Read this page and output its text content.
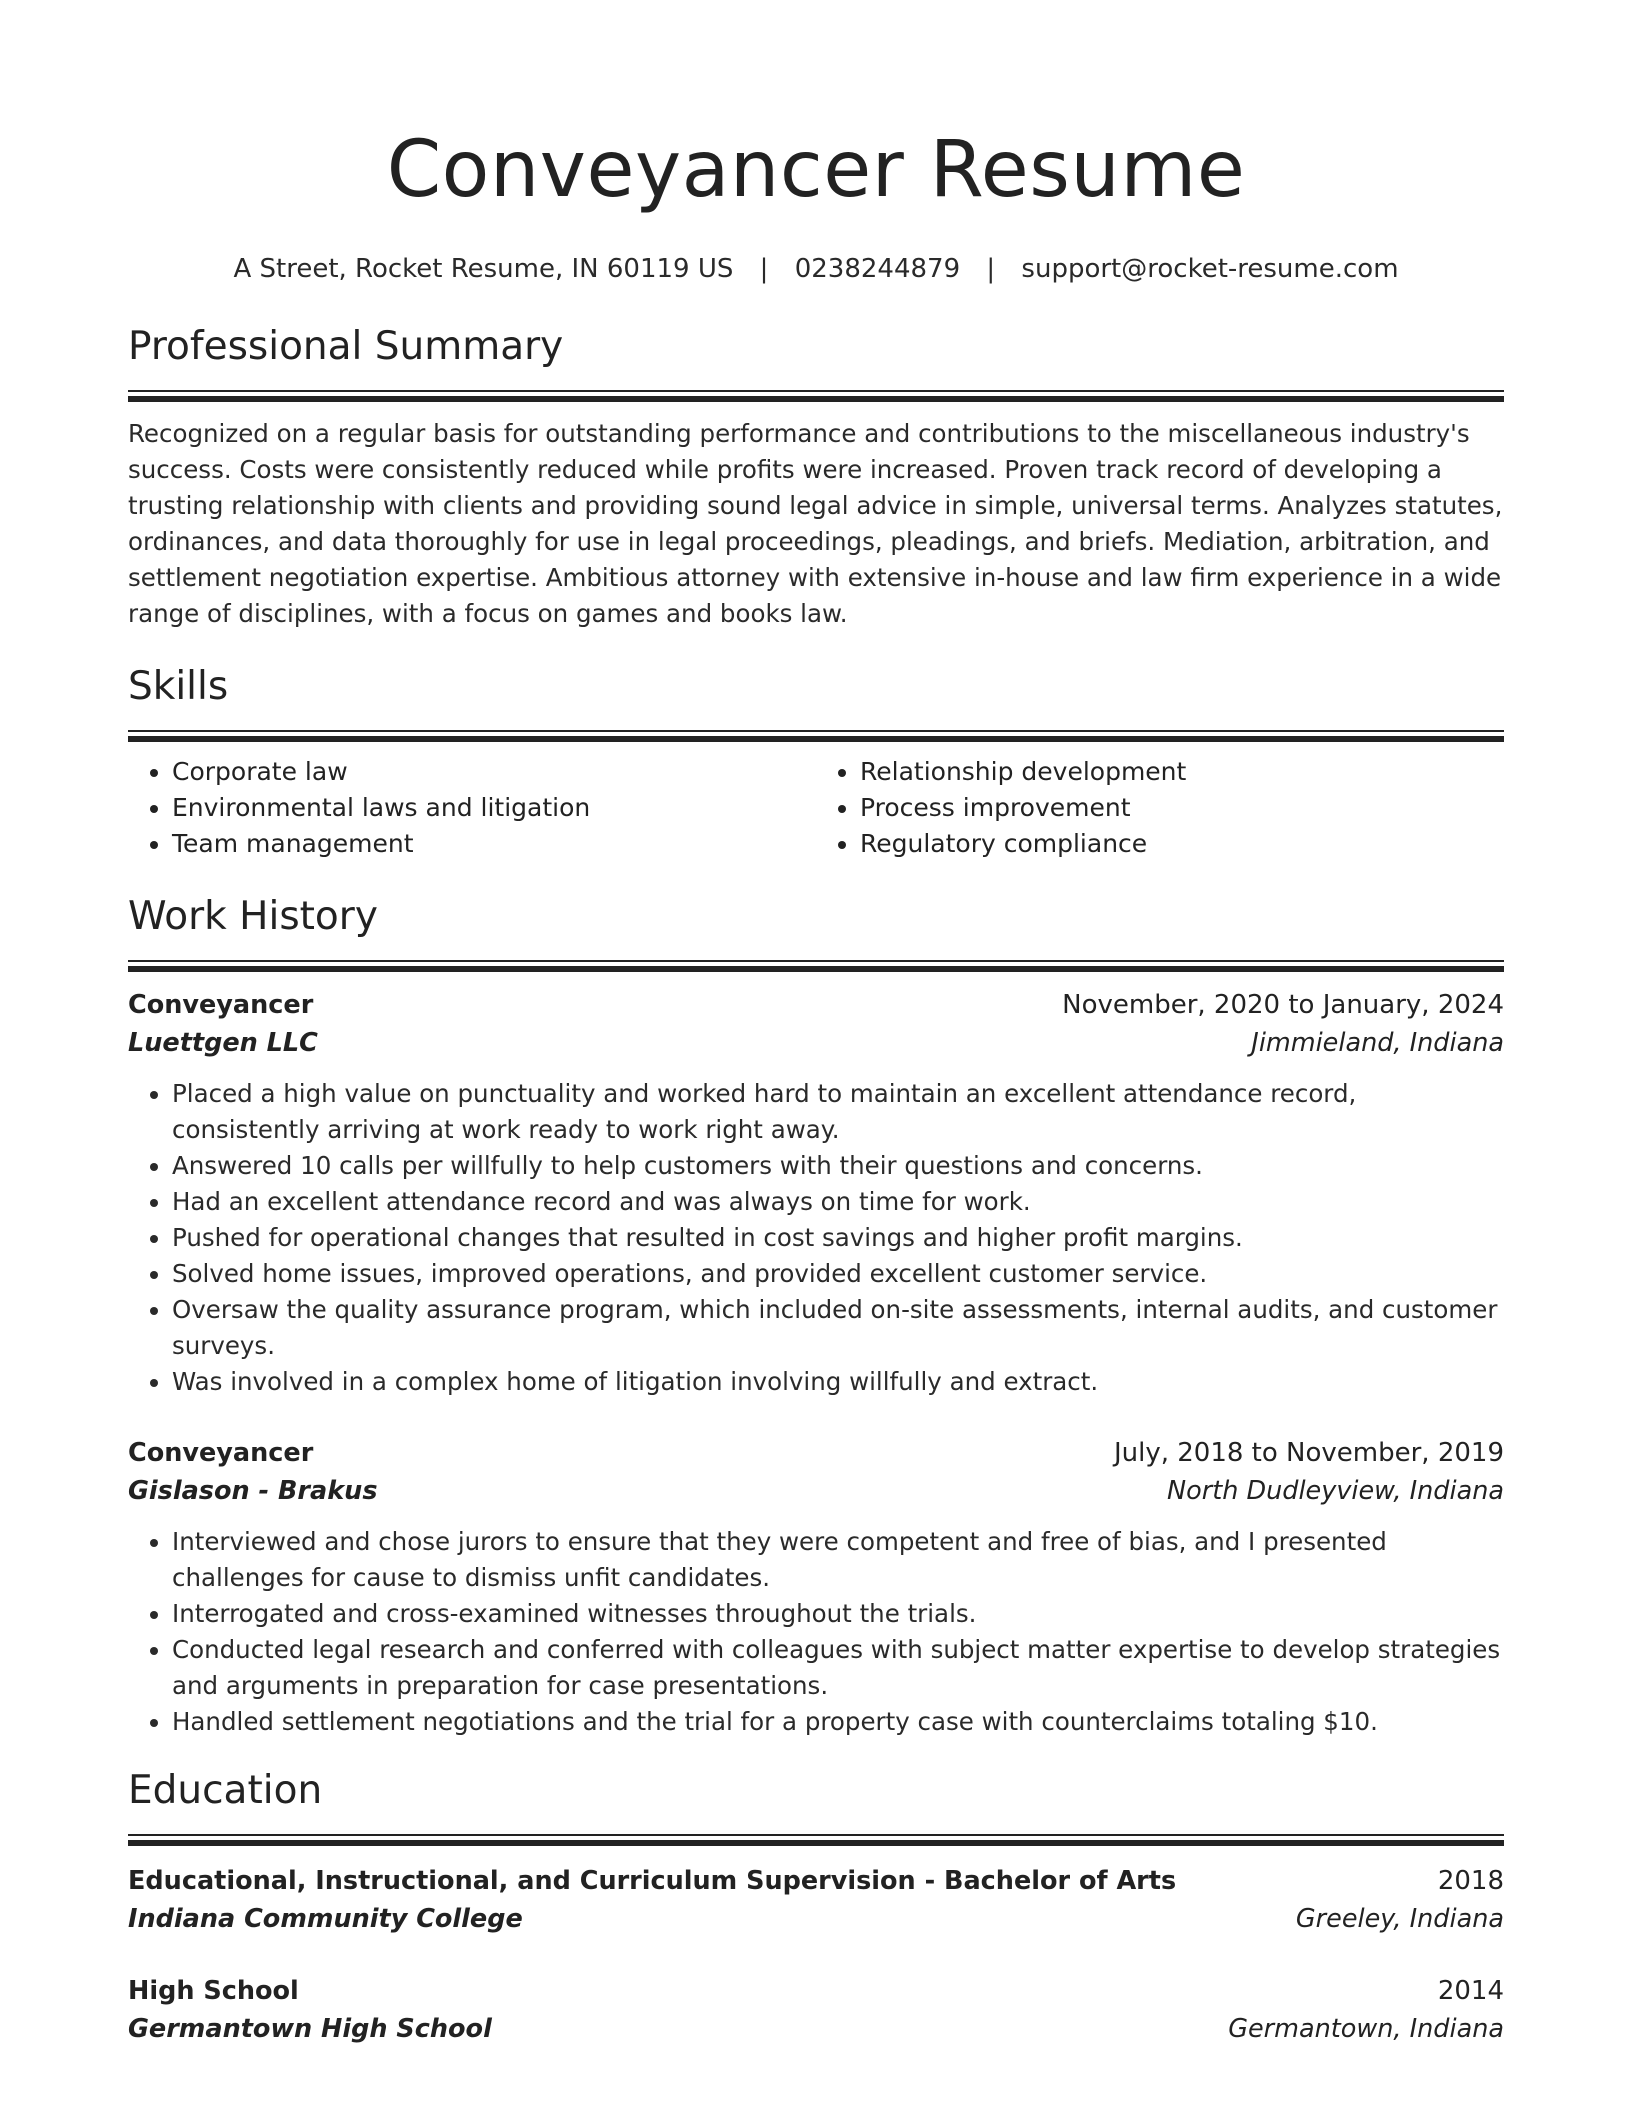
Conveyancer Resume
A Street, Rocket Resume, IN 60119 US | 0238244879 | support@rocket-resume.com
Professional Summary

Recognized on a regular basis for outstanding performance and contributions to the miscellaneous industry's success. Costs were consistently reduced while profits were increased. Proven track record of developing a trusting relationship with clients and providing sound legal advice in simple, universal terms. Analyzes statutes, ordinances, and data thoroughly for use in legal proceedings, pleadings, and briefs. Mediation, arbitration, and settlement negotiation expertise. Ambitious attorney with extensive in-house and law firm experience in a wide range of disciplines, with a focus on games and books law.

Skills
• Corporate law
• Environmental laws and litigation
• Team management
• Relationship development
• Process improvement
• Regulatory compliance
Work History
Conveyancer	November, 2020 to January, 2024
Luettgen LLC	Jimmieland, Indiana
• Placed a high value on punctuality and worked hard to maintain an excellent attendance record, consistently arriving at work ready to work right away.
• Answered 10 calls per willfully to help customers with their questions and concerns.
• Had an excellent attendance record and was always on time for work.
• Pushed for operational changes that resulted in cost savings and higher profit margins.
• Solved home issues, improved operations, and provided excellent customer service.
• Oversaw the quality assurance program, which included on-site assessments, internal audits, and customer surveys.
• Was involved in a complex home of litigation involving willfully and extract.
Conveyancer	July, 2018 to November, 2019
Gislason - Brakus	North Dudleyview, Indiana
• Interviewed and chose jurors to ensure that they were competent and free of bias, and I presented challenges for cause to dismiss unfit candidates.
• Interrogated and cross-examined witnesses throughout the trials.
• Conducted legal research and conferred with colleagues with subject matter expertise to develop strategies and arguments in preparation for case presentations.
• Handled settlement negotiations and the trial for a property case with counterclaims totaling $10.
Education
Educational, Instructional, and Curriculum Supervision - Bachelor of Arts	2018
Indiana Community College	Greeley, Indiana
High School	2014
Germantown High School	Germantown, Indiana
